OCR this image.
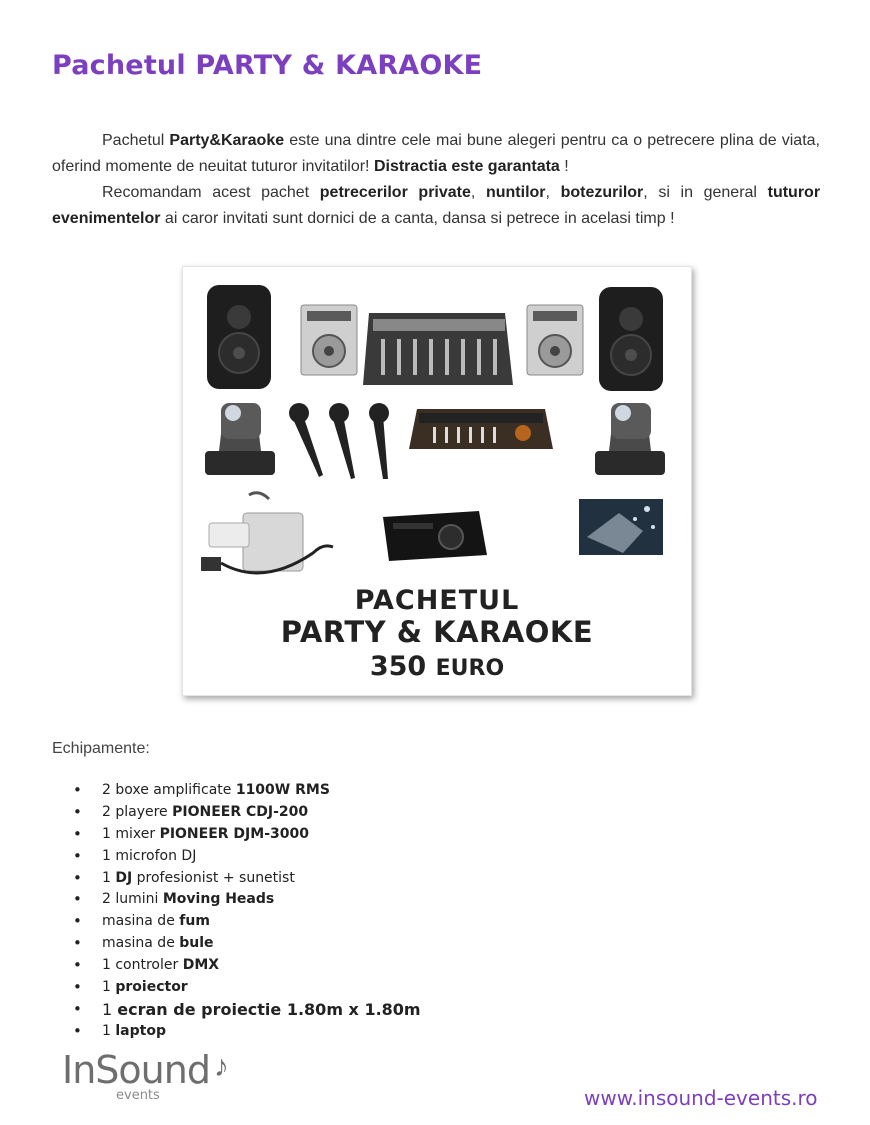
Pachetul PARTY & KARAOKE

Pachetul Party&Karaoke este una dintre cele mai bune alegeri pentru ca o petrecere plina de viata, oferind momente de neuitat tuturor invitatilor! Distractia este garantata !

Recomandam acest pachet petrecerilor private, nuntilor, botezurilor, si in general tuturor evenimentelor ai caror invitati sunt dornici de a canta, dansa si petrece in acelasi timp !

PACHETUL
PARTY & KARAOKE
350 EURO
Echipamente:
• 2 boxe amplificate 1100W RMS
• 2 playere PIONEER CDJ-200
• 1 mixer PIONEER DJM-3000
• 1 microfon DJ
• 1 DJ profesionist + sunetist
• 2 lumini Moving Heads
• masina de fum
• masina de bule
• 1 controler DMX
• 1 proiector
• 1 ecran de proiectie 1.80m x 1.80m
• 1 laptop
InSound ♪
events	www.insound-events.ro
